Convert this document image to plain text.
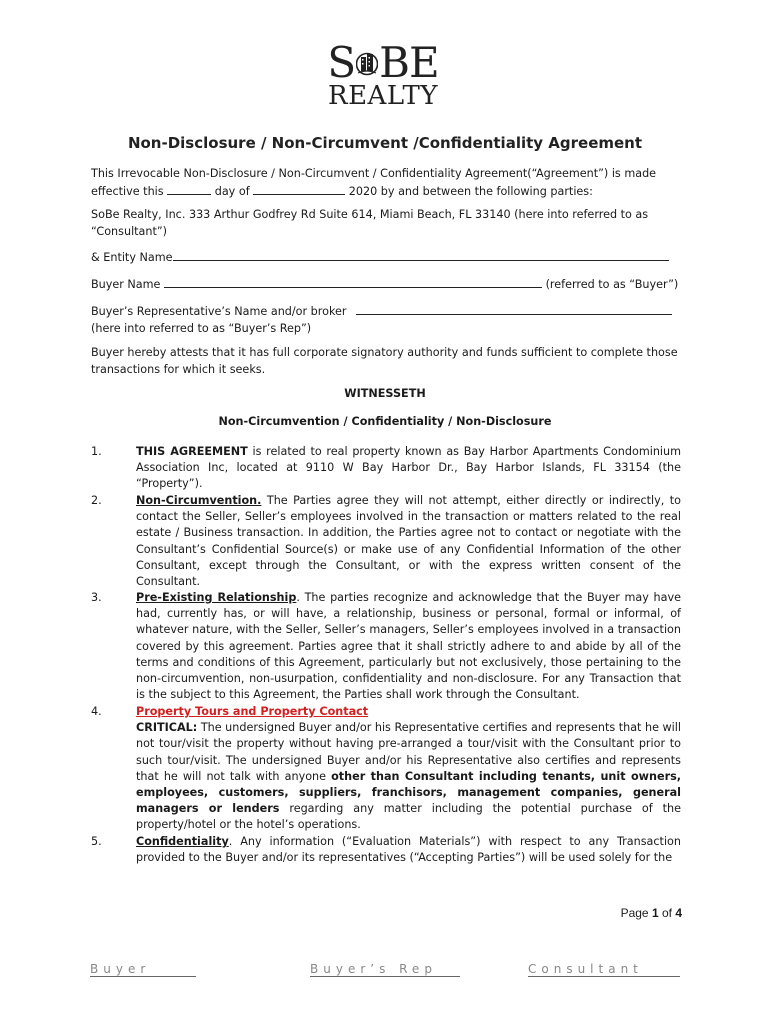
S BE
REALTY
Non-Disclosure / Non-Circumvent /Confidentiality Agreement
This Irrevocable Non-Disclosure / Non-Circumvent / Confidentiality Agreement(“Agreement”) is made
effective this	day of	2020 by and between the following parties:
SoBe Realty, Inc. 333 Arthur Godfrey Rd Suite 614, Miami Beach, FL 33140 (here into referred to as
“Consultant”)
& Entity Name
Buyer Name	(referred to as “Buyer”)
Buyer’s Representative’s Name and/or broker
(here into referred to as “Buyer’s Rep”)
Buyer hereby attests that it has full corporate signatory authority and funds sufficient to complete those
transactions for which it seeks.
WITNESSETH
Non-Circumvention / Confidentiality / Non-Disclosure
1.	THIS AGREEMENT is related to real property known as Bay Harbor Apartments Condominium Association Inc, located at 9110 W Bay Harbor Dr., Bay Harbor Islands, FL 33154 (the “Property”).
2.	Non-Circumvention. The Parties agree they will not attempt, either directly or indirectly, to contact the Seller, Seller’s employees involved in the transaction or matters related to the real estate / Business transaction. In addition, the Parties agree not to contact or negotiate with the Consultant’s Confidential Source(s) or make use of any Confidential Information of the other Consultant, except through the Consultant, or with the express written consent of the Consultant.
3.	Pre-Existing Relationship. The parties recognize and acknowledge that the Buyer may have had, currently has, or will have, a relationship, business or personal, formal or informal, of whatever nature, with the Seller, Seller’s managers, Seller’s employees involved in a transaction covered by this agreement. Parties agree that it shall strictly adhere to and abide by all of the terms and conditions of this Agreement, particularly but not exclusively, those pertaining to the non-circumvention, non-usurpation, confidentiality and non-disclosure. For any Transaction that is the subject to this Agreement, the Parties shall work through the Consultant.
4.	Property Tours and Property Contact
CRITICAL: The undersigned Buyer and/or his Representative certifies and represents that he will not tour/visit the property without having pre-arranged a tour/visit with the Consultant prior to such tour/visit. The undersigned Buyer and/or his Representative also certifies and represents that he will not talk with anyone other than Consultant including tenants, unit owners, employees, customers, suppliers, franchisors, management companies, general managers or lenders regarding any matter including the potential purchase of the property/hotel or the hotel’s operations.
5.	Confidentiality. Any information (“Evaluation Materials”) with respect to any Transaction provided to the Buyer and/or its representatives (“Accepting Parties”) will be used solely for the
Page 1 of 4
Buyer	Buyer’s Rep	Consultant
